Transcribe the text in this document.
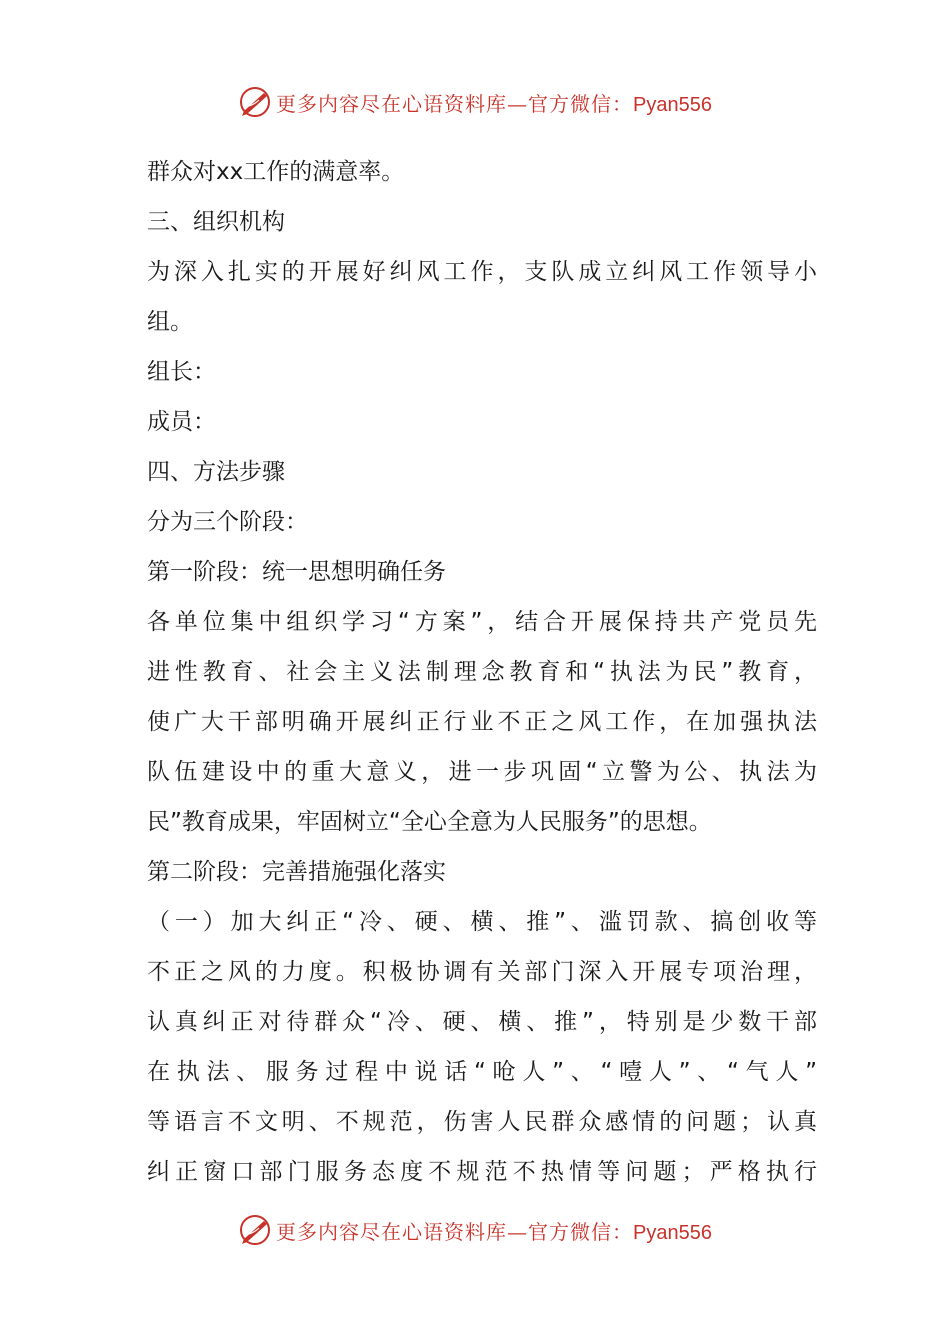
更多内容尽在心语资料库—官方微信：Pyan556
群众对xx工作的满意率。
三、组织机构
为深入扎实的开展好纠风工作，支队成立纠风工作领导小
组。
组长：
成员：
四、方法步骤
分为三个阶段：
第一阶段：统一思想明确任务
各单位集中组织学习“方案”，结合开展保持共产党员先
进性教育、社会主义法制理念教育和“执法为民”教育，
使广大干部明确开展纠正行业不正之风工作，在加强执法
队伍建设中的重大意义，进一步巩固“立警为公、执法为
民”教育成果，牢固树立“全心全意为人民服务”的思想。
第二阶段：完善措施强化落实
（一）加大纠正“冷、硬、横、推”、滥罚款、搞创收等
不正之风的力度。积极协调有关部门深入开展专项治理，
认真纠正对待群众“冷、硬、横、推”，特别是少数干部
在执法、服务过程中说话“呛人”、“噎人”、“气人”
等语言不文明、不规范，伤害人民群众感情的问题；认真
纠正窗口部门服务态度不规范不热情等问题；严格执行
更多内容尽在心语资料库—官方微信：Pyan556
